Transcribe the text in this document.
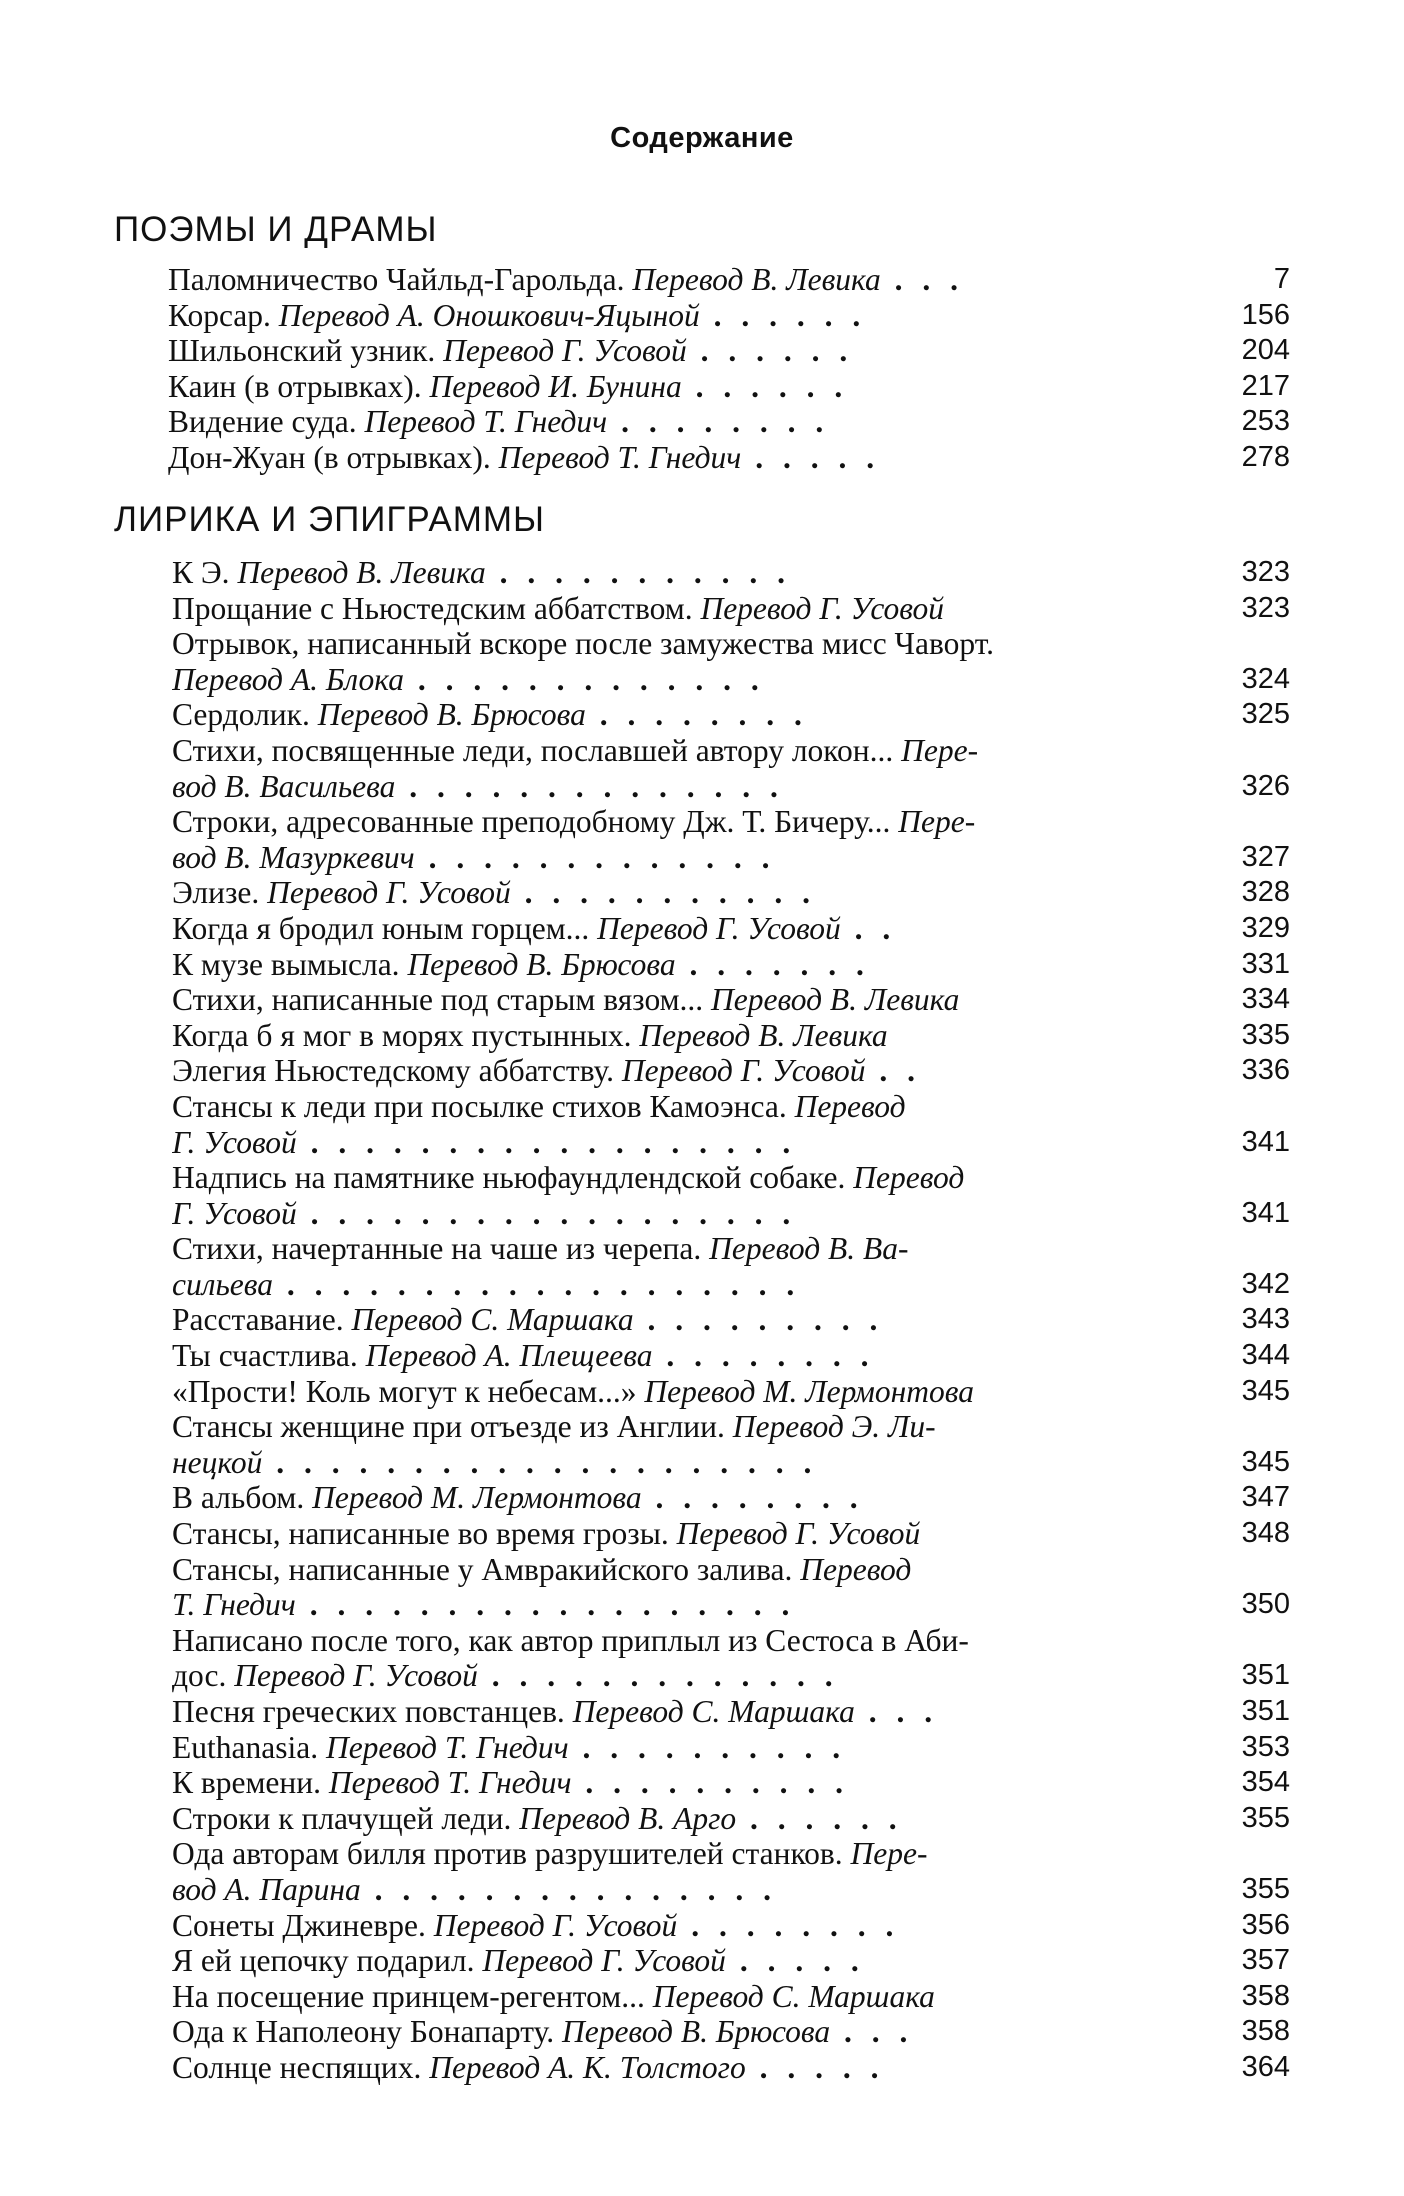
Содержание
ПОЭМЫ И ДРАМЫ
Паломничество Чайльд-Гарольда. Перевод В. Левика . . .	7
Корсар. Перевод А. Оношкович-Яцыной . . . . . .	156
Шильонский узник. Перевод Г. Усовой . . . . . .	204
Каин (в отрывках). Перевод И. Бунина . . . . . .	217
Видение суда. Перевод Т. Гнедич . . . . . . . .	253
Дон-Жуан (в отрывках). Перевод Т. Гнедич . . . . .	278
ЛИРИКА И ЭПИГРАММЫ
К Э. Перевод В. Левика . . . . . . . . . . .	323
Прощание с Ньюстедским аббатством. Перевод Г. Усовой	323
Отрывок, написанный вскоре после замужества мисс Чаворт.
Перевод А. Блока . . . . . . . . . . . . .	324
Сердолик. Перевод В. Брюсова . . . . . . . .	325
Стихи, посвященные леди, пославшей автору локон... Пере-
вод В. Васильева . . . . . . . . . . . . . .	326
Строки, адресованные преподобному Дж. Т. Бичеру... Пере-
вод В. Мазуркевич . . . . . . . . . . . . .	327
Элизе. Перевод Г. Усовой . . . . . . . . . . .	328
Когда я бродил юным горцем... Перевод Г. Усовой . .	329
К музе вымысла. Перевод В. Брюсова . . . . . . .	331
Стихи, написанные под старым вязом... Перевод В. Левика	334
Когда б я мог в морях пустынных. Перевод В. Левика	335
Элегия Ньюстедскому аббатству. Перевод Г. Усовой . .	336
Стансы к леди при посылке стихов Камоэнса. Перевод
Г. Усовой . . . . . . . . . . . . . . . . . .	341
Надпись на памятнике ньюфаундлендской собаке. Перевод
Г. Усовой . . . . . . . . . . . . . . . . . .	341
Стихи, начертанные на чаше из черепа. Перевод В. Ва-
сильева . . . . . . . . . . . . . . . . . . .	342
Расставание. Перевод С. Маршака . . . . . . . . .	343
Ты счастлива. Перевод А. Плещеева . . . . . . . .	344
«Прости! Коль могут к небесам...» Перевод М. Лермонтова	345
Стансы женщине при отъезде из Англии. Перевод Э. Ли-
нецкой . . . . . . . . . . . . . . . . . . . .	345
В альбом. Перевод М. Лермонтова . . . . . . . .	347
Стансы, написанные во время грозы. Перевод Г. Усовой	348
Стансы, написанные у Амвракийского залива. Перевод
Т. Гнедич . . . . . . . . . . . . . . . . . .	350
Написано после того, как автор приплыл из Сестоса в Аби-
дос. Перевод Г. Усовой . . . . . . . . . . . . .	351
Песня греческих повстанцев. Перевод С. Маршака . . .	351
Euthanasia. Перевод Т. Гнедич . . . . . . . . . .	353
К времени. Перевод Т. Гнедич . . . . . . . . . .	354
Строки к плачущей леди. Перевод В. Арго . . . . . .	355
Ода авторам билля против разрушителей станков. Пере-
вод А. Парина . . . . . . . . . . . . . . .	355
Сонеты Джиневре. Перевод Г. Усовой . . . . . . . .	356
Я ей цепочку подарил. Перевод Г. Усовой . . . . .	357
На посещение принцем-регентом... Перевод С. Маршака	358
Ода к Наполеону Бонапарту. Перевод В. Брюсова . . .	358
Солнце неспящих. Перевод А. К. Толстого . . . . .	364
